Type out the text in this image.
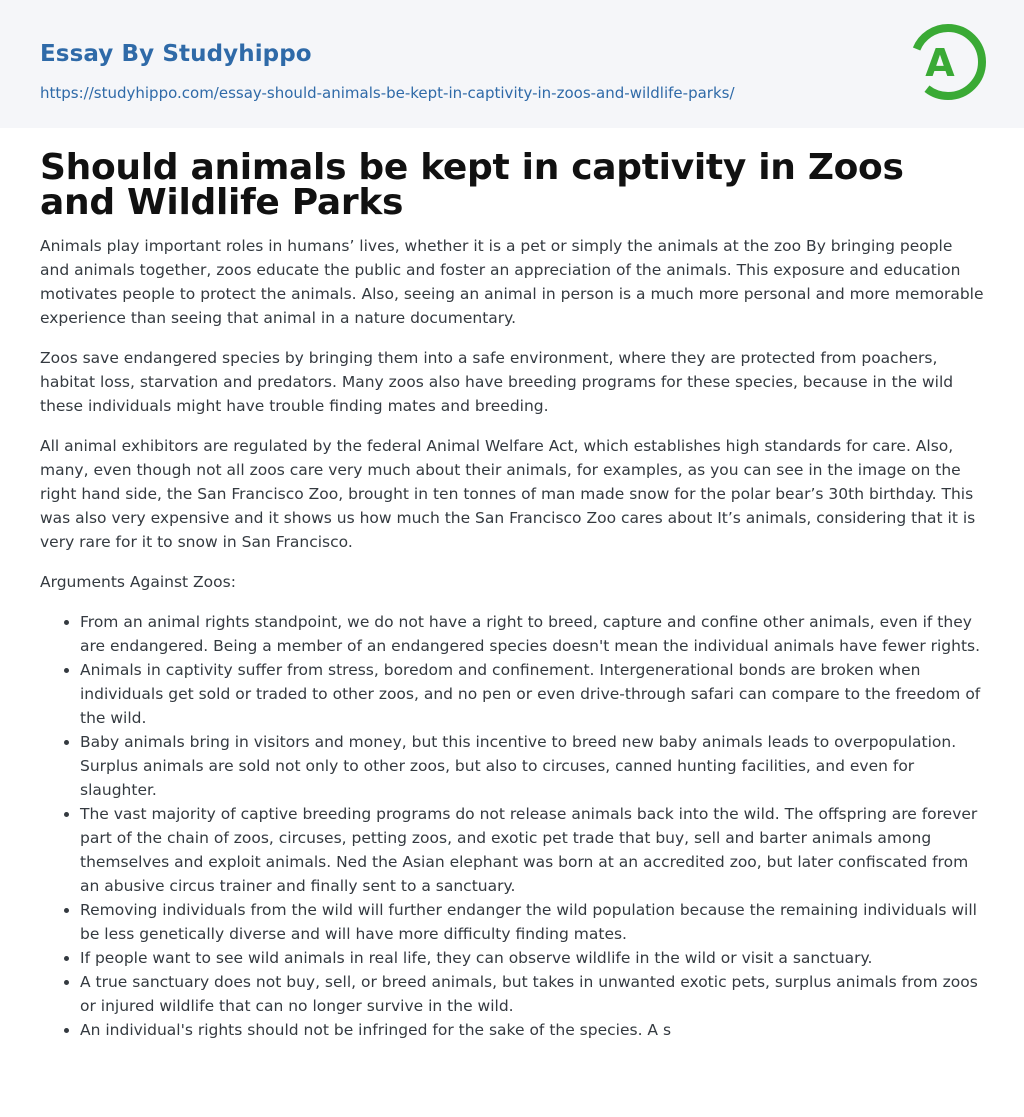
Essay By Studyhippo
https://studyhippo.com/essay-should-animals-be-kept-in-captivity-in-zoos-and-wildlife-parks/
A
Should animals be kept in captivity in Zoos and Wildlife Parks

Animals play important roles in humans’ lives, whether it is a pet or simply the animals at the zoo By bringing people and animals together, zoos educate the public and foster an appreciation of the animals. This exposure and education motivates people to protect the animals. Also, seeing an animal in person is a much more personal and more memorable experience than seeing that animal in a nature documentary.

Zoos save endangered species by bringing them into a safe environment, where they are protected from poachers, habitat loss, starvation and predators. Many zoos also have breeding programs for these species, because in the wild these individuals might have trouble finding mates and breeding.

All animal exhibitors are regulated by the federal Animal Welfare Act, which establishes high standards for care. Also, many, even though not all zoos care very much about their animals, for examples, as you can see in the image on the right hand side, the San Francisco Zoo, brought in ten tonnes of man made snow for the polar bear’s 30th birthday. This was also very expensive and it shows us how much the San Francisco Zoo cares about It’s animals, considering that it is very rare for it to snow in San Francisco.

Arguments Against Zoos:

• From an animal rights standpoint, we do not have a right to breed, capture and confine other animals, even if they are endangered. Being a member of an endangered species doesn't mean the individual animals have fewer rights.
• Animals in captivity suffer from stress, boredom and confinement. Intergenerational bonds are broken when individuals get sold or traded to other zoos, and no pen or even drive-through safari can compare to the freedom of the wild.
• Baby animals bring in visitors and money, but this incentive to breed new baby animals leads to overpopulation. Surplus animals are sold not only to other zoos, but also to circuses, canned hunting facilities, and even for slaughter.
• The vast majority of captive breeding programs do not release animals back into the wild. The offspring are forever part of the chain of zoos, circuses, petting zoos, and exotic pet trade that buy, sell and barter animals among themselves and exploit animals. Ned the Asian elephant was born at an accredited zoo, but later confiscated from an abusive circus trainer and finally sent to a sanctuary.
• Removing individuals from the wild will further endanger the wild population because the remaining individuals will be less genetically diverse and will have more difficulty finding mates.
• If people want to see wild animals in real life, they can observe wildlife in the wild or visit a sanctuary.
• A true sanctuary does not buy, sell, or breed animals, but takes in unwanted exotic pets, surplus animals from zoos or injured wildlife that can no longer survive in the wild.
• An individual's rights should not be infringed for the sake of the species. A s
